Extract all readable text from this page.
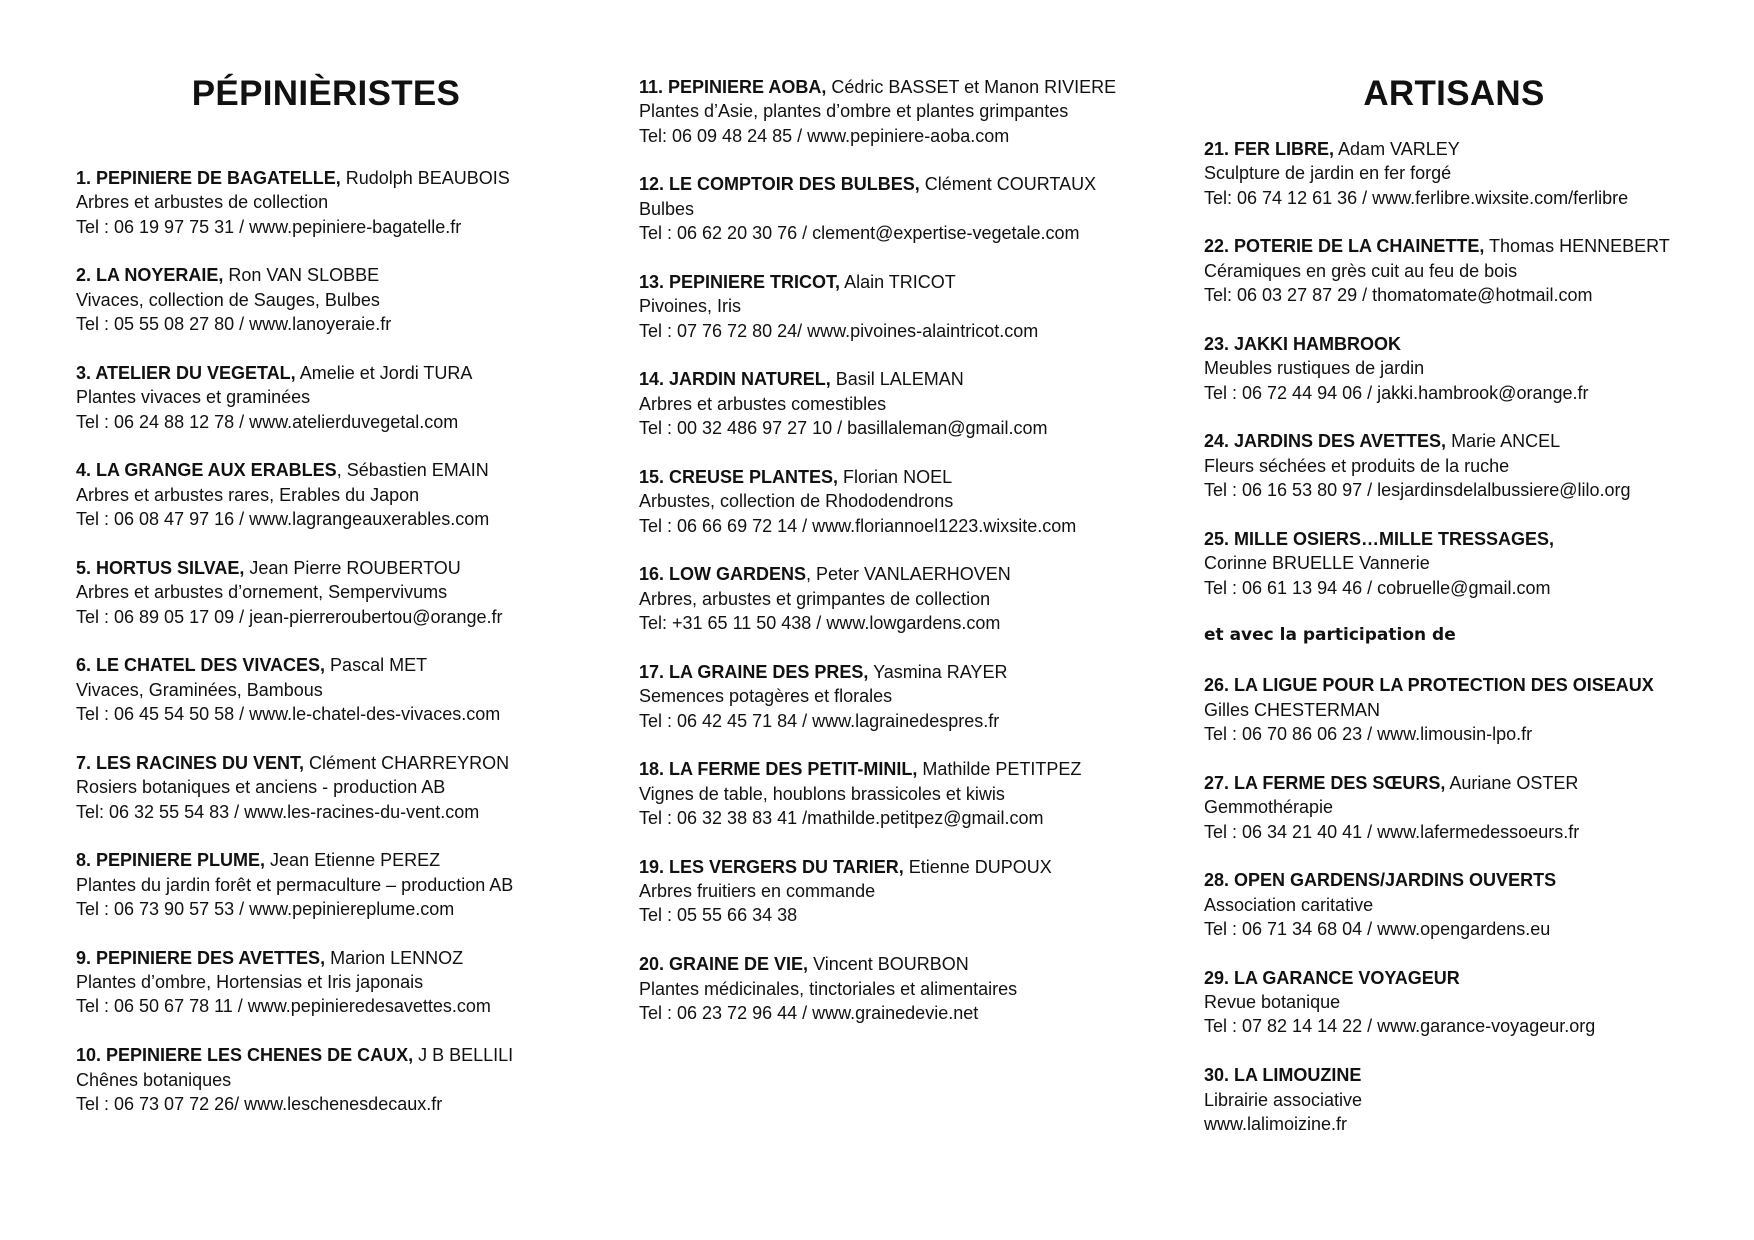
PÉPINIÈRISTES
1. PEPINIERE DE BAGATELLE, Rudolph BEAUBOIS
Arbres et arbustes de collection
Tel : 06 19 97 75 31 / www.pepiniere-bagatelle.fr
2. LA NOYERAIE, Ron VAN SLOBBE
Vivaces, collection de Sauges, Bulbes
Tel : 05 55 08 27 80 / www.lanoyeraie.fr
3. ATELIER DU VEGETAL, Amelie et Jordi TURA
Plantes vivaces et graminées
Tel : 06 24 88 12 78 / www.atelierduvegetal.com
4. LA GRANGE AUX ERABLES, Sébastien EMAIN
Arbres et arbustes rares, Erables du Japon
Tel : 06 08 47 97 16 / www.lagrangeauxerables.com
5. HORTUS SILVAE, Jean Pierre ROUBERTOU
Arbres et arbustes d’ornement, Sempervivums
Tel : 06 89 05 17 09 / jean-pierreroubertou@orange.fr
6. LE CHATEL DES VIVACES, Pascal MET
Vivaces, Graminées, Bambous
Tel : 06 45 54 50 58 / www.le-chatel-des-vivaces.com
7. LES RACINES DU VENT, Clément CHARREYRON
Rosiers botaniques et anciens - production AB
Tel: 06 32 55 54 83 / www.les-racines-du-vent.com
8. PEPINIERE PLUME, Jean Etienne PEREZ
Plantes du jardin forêt et permaculture – production AB
Tel : 06 73 90 57 53 / www.pepiniereplume.com
9. PEPINIERE DES AVETTES, Marion LENNOZ
Plantes d’ombre, Hortensias et Iris japonais
Tel : 06 50 67 78 11 / www.pepinieredesavettes.com
10. PEPINIERE LES CHENES DE CAUX, J B BELLILI
Chênes botaniques
Tel : 06 73 07 72 26/ www.leschenesdecaux.fr
11. PEPINIERE AOBA, Cédric BASSET et Manon RIVIERE
Plantes d’Asie, plantes d’ombre et plantes grimpantes
Tel: 06 09 48 24 85 / www.pepiniere-aoba.com
12. LE COMPTOIR DES BULBES, Clément COURTAUX
Bulbes
Tel : 06 62 20 30 76 / clement@expertise-vegetale.com
13. PEPINIERE TRICOT, Alain TRICOT
Pivoines, Iris
Tel : 07 76 72 80 24/ www.pivoines-alaintricot.com
14. JARDIN NATUREL, Basil LALEMAN
Arbres et arbustes comestibles
Tel : 00 32 486 97 27 10 / basillaleman@gmail.com
15. CREUSE PLANTES, Florian NOEL
Arbustes, collection de Rhododendrons
Tel : 06 66 69 72 14 / www.floriannoel1223.wixsite.com
16. LOW GARDENS, Peter VANLAERHOVEN
Arbres, arbustes et grimpantes de collection
Tel: +31 65 11 50 438 / www.lowgardens.com
17. LA GRAINE DES PRES, Yasmina RAYER
Semences potagères et florales
Tel : 06 42 45 71 84 / www.lagrainedespres.fr
18. LA FERME DES PETIT-MINIL, Mathilde PETITPEZ
Vignes de table, houblons brassicoles et kiwis
Tel : 06 32 38 83 41 /mathilde.petitpez@gmail.com
19. LES VERGERS DU TARIER, Etienne DUPOUX
Arbres fruitiers en commande
Tel : 05 55 66 34 38
20. GRAINE DE VIE, Vincent BOURBON
Plantes médicinales, tinctoriales et alimentaires
Tel : 06 23 72 96 44 / www.grainedevie.net
ARTISANS
21. FER LIBRE, Adam VARLEY
Sculpture de jardin en fer forgé
Tel: 06 74 12 61 36 / www.ferlibre.wixsite.com/ferlibre
22. POTERIE DE LA CHAINETTE, Thomas HENNEBERT
Céramiques en grès cuit au feu de bois
Tel: 06 03 27 87 29 / thomatomate@hotmail.com
23. JAKKI HAMBROOK
Meubles rustiques de jardin
Tel : 06 72 44 94 06 / jakki.hambrook@orange.fr
24. JARDINS DES AVETTES, Marie ANCEL
Fleurs séchées et produits de la ruche
Tel : 06 16 53 80 97 / lesjardinsdelalbussiere@lilo.org
25. MILLE OSIERS…MILLE TRESSAGES,
Corinne BRUELLE Vannerie
Tel : 06 61 13 94 46 / cobruelle@gmail.com
et avec la participation de
26. LA LIGUE POUR LA PROTECTION DES OISEAUX
Gilles CHESTERMAN
Tel : 06 70 86 06 23 / www.limousin-lpo.fr
27. LA FERME DES SŒURS, Auriane OSTER
Gemmothérapie
Tel : 06 34 21 40 41 / www.lafermedessoeurs.fr
28. OPEN GARDENS/JARDINS OUVERTS
Association caritative
Tel : 06 71 34 68 04 / www.opengardens.eu
29. LA GARANCE VOYAGEUR
Revue botanique
Tel : 07 82 14 14 22 / www.garance-voyageur.org
30. LA LIMOUZINE
Librairie associative
www.lalimoizine.fr
